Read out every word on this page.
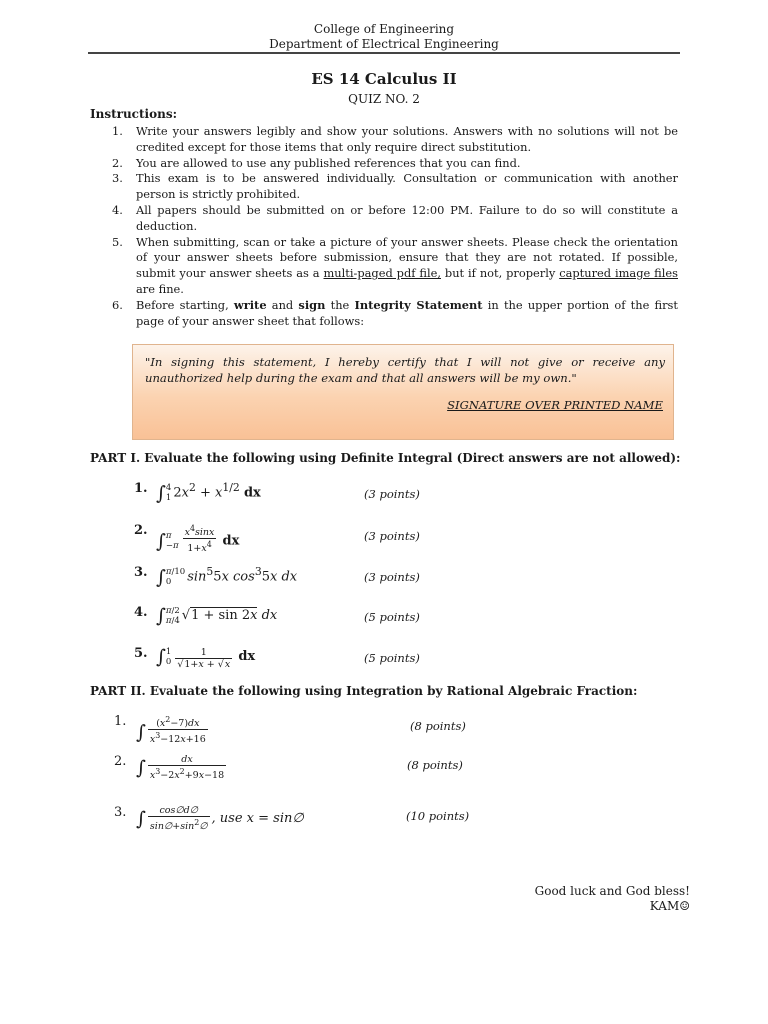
College of Engineering
Department of Electrical Engineering
ES 14 Calculus II
QUIZ NO. 2
Instructions:
1. Write your answers legibly and show your solutions. Answers with no solutions will not be credited except for those items that only require direct substitution.
2. You are allowed to use any published references that you can find.
3. This exam is to be answered individually. Consultation or communication with another person is strictly prohibited.
4. All papers should be submitted on or before 12:00 PM. Failure to do so will constitute a deduction.
5. When submitting, scan or take a picture of your answer sheets. Please check the orientation of your answer sheets before submission, ensure that they are not rotated. If possible, submit your answer sheets as a multi-paged pdf file, but if not, properly captured image files are fine.
6. Before starting, write and sign the Integrity Statement in the upper portion of the first page of your answer sheet that follows:
"In signing this statement, I hereby certify that I will not give or receive any unauthorized help during the exam and that all answers will be my own."
SIGNATURE OVER PRINTED NAME
PART I. Evaluate the following using Definite Integral (Direct answers are not allowed):
1. ∫ 4
1 $2x^2 + x^{1/2}$ dx	(3 points)
2. ∫ π
$-\pi \frac{x^4\sin x}{1+x^4}$ dx	(3 points)
3. ∫ π/10
0	$\sin^55x$ $\cos^35x$ dx	(3 points)
4. ∫ π/2
π/4 √1 + sin 2x dx	(5 points)
5. ∫ 1
$0 \frac{1}{√1+x + √x}$ dx	(5 points)
PART II. Evaluate the following using Integration by Rational Algebraic Fraction:
1. ∫ $\frac{(x^2-7)dx}{x^3-12x+16}$	(8 points)
2. ∫ $\frac{dx}{x^3-2x^2+9x-18}$	(8 points)
3. ∫ $\frac{\cos\emptyset d\emptyset}{\sin\emptyset+\sin^2\emptyset}$ , use x = sin∅	(10 points)
Good luck and God bless!
KAM☺
